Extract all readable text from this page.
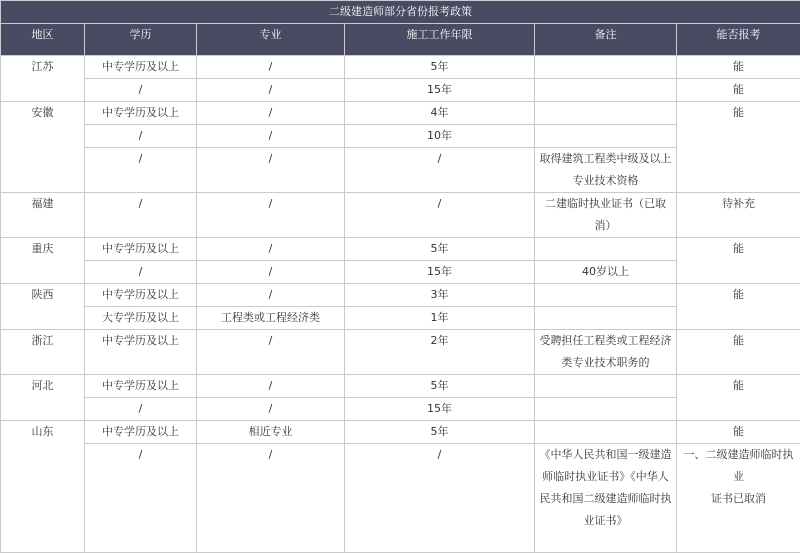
二级建造师部分省份报考政策					
地区	学历	专业	施工工作年限	备注	能否报考
江苏	中专学历及以上	/	5年		能
	/	/	15年		能
安徽	中专学历及以上	/	4年		能
	/	/	10年		
	/	/	/	取得建筑工程类中级及以上
专业技术资格	
福建	/	/	/	二建临时执业证书（已取
消）	待补充
重庆	中专学历及以上	/	5年		能
	/	/	15年	40岁以上	
陕西	中专学历及以上	/	3年		能
	大专学历及以上	工程类或工程经济类	1年		
浙江	中专学历及以上	/	2年	受聘担任工程类或工程经济
类专业技术职务的	能
河北	中专学历及以上	/	5年		能
	/	/	15年		
山东	中专学历及以上	相近专业	5年		能
	/	/	/	《中华人民共和国一级建造
师临时执业证书》《中华人
民共和国二级建造师临时执
业证书》	一、二级建造师临时执业
证书已取消
